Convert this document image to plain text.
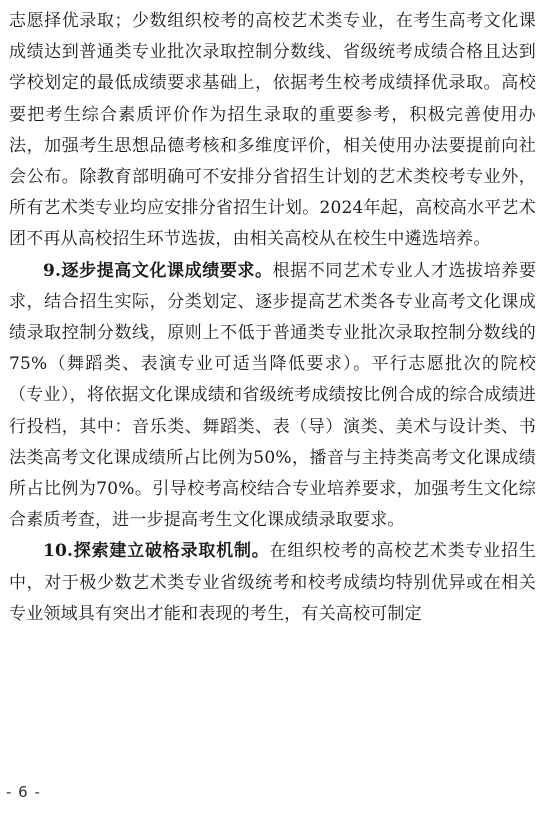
志愿择优录取；少数组织校考的高校艺术类专业，在考生高考文化课成绩达到普通类专业批次录取控制分数线、省级统考成绩合格且达到学校划定的最低成绩要求基础上，依据考生校考成绩择优录取。高校要把考生综合素质评价作为招生录取的重要参考，积极完善使用办法，加强考生思想品德考核和多维度评价，相关使用办法要提前向社会公布。除教育部明确可不安排分省招生计划的艺术类校考专业外，所有艺术类专业均应安排分省招生计划。2024年起，高校高水平艺术团不再从高校招生环节选拔，由相关高校从在校生中遴选培养。

9.逐步提高文化课成绩要求。根据不同艺术专业人才选拔培养要求，结合招生实际，分类划定、逐步提高艺术类各专业高考文化课成绩录取控制分数线，原则上不低于普通类专业批次录取控制分数线的75%（舞蹈类、表演专业可适当降低要求）。平行志愿批次的院校（专业），将依据文化课成绩和省级统考成绩按比例合成的综合成绩进行投档，其中：音乐类、舞蹈类、表（导）演类、美术与设计类、书法类高考文化课成绩所占比例为50%，播音与主持类高考文化课成绩所占比例为70%。引导校考高校结合专业培养要求，加强考生文化综合素质考查，进一步提高考生文化课成绩录取要求。

10.探索建立破格录取机制。在组织校考的高校艺术类专业招生中，对于极少数艺术类专业省级统考和校考成绩均特别优异或在相关专业领域具有突出才能和表现的考生，有关高校可制定

- 6 -
